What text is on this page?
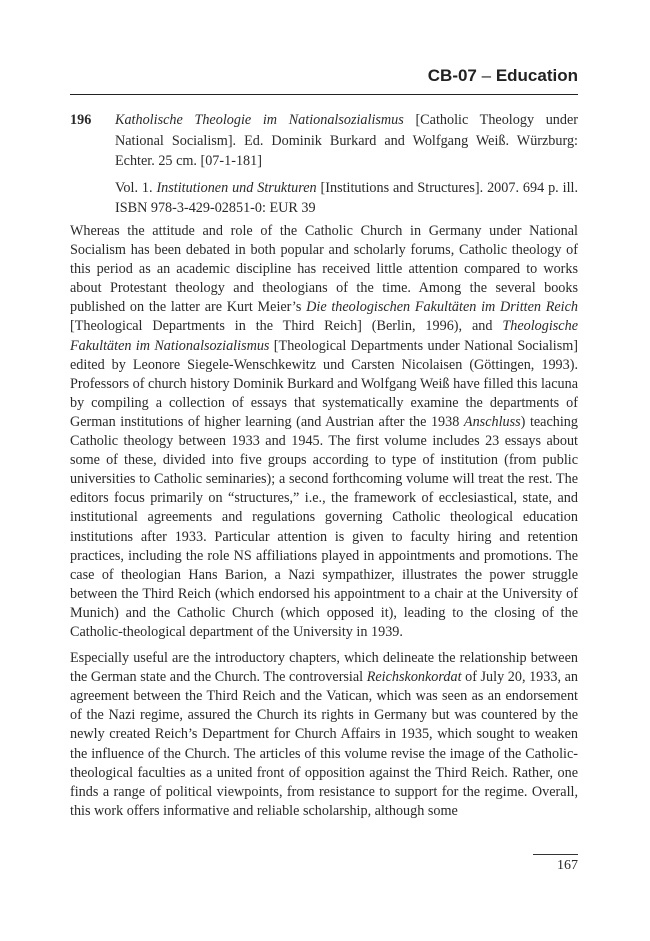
CB-07 – Education
196 Katholische Theologie im Nationalsozialismus [Catholic Theology under National Socialism]. Ed. Dominik Burkard and Wolfgang Weiß. Würzburg: Echter. 25 cm. [07-1-181]
Vol. 1. Institutionen und Strukturen [Institutions and Structures]. 2007. 694 p. ill. ISBN 978-3-429-02851-0: EUR 39

Whereas the attitude and role of the Catholic Church in Germany under National Socialism has been debated in both popular and scholarly forums, Catholic theology of this period as an academic discipline has received little attention compared to works about Protestant theology and theologians of the time. Among the several books published on the latter are Kurt Meier’s Die theologischen Fakultäten im Dritten Reich [Theological Departments in the Third Reich] (Berlin, 1996), and Theologische Fakultäten im Nationalsozialismus [Theological Departments under National Socialism] edited by Leonore Siegele-Wenschkewitz und Carsten Nicolaisen (Göttingen, 1993). Professors of church history Dominik Burkard and Wolfgang Weiß have filled this lacuna by compiling a collection of essays that systematically examine the departments of German institutions of higher learning (and Austrian after the 1938 Anschluss) teaching Catholic theology between 1933 and 1945. The first volume includes 23 essays about some of these, divided into five groups according to type of institution (from public universities to Catholic seminaries); a second forthcoming volume will treat the rest. The editors focus primarily on “structures,” i.e., the framework of ecclesiastical, state, and institutional agreements and regulations governing Catholic theological education institutions after 1933. Particular attention is given to faculty hiring and retention practices, including the role NS affiliations played in appointments and promotions. The case of theologian Hans Barion, a Nazi sympathizer, illustrates the power struggle between the Third Reich (which endorsed his appointment to a chair at the University of Munich) and the Catholic Church (which opposed it), leading to the closing of the Catholic-theological department of the University in 1939.

Especially useful are the introductory chapters, which delineate the relationship between the German state and the Church. The controversial Reichskonkordat of July 20, 1933, an agreement between the Third Reich and the Vatican, which was seen as an endorsement of the Nazi regime, assured the Church its rights in Germany but was countered by the newly created Reich’s Department for Church Affairs in 1935, which sought to weaken the influence of the Church. The articles of this volume revise the image of the Catholic-theological faculties as a united front of opposition against the Third Reich. Rather, one finds a range of political viewpoints, from resistance to support for the regime. Overall, this work offers informative and reliable scholarship, although some

167
